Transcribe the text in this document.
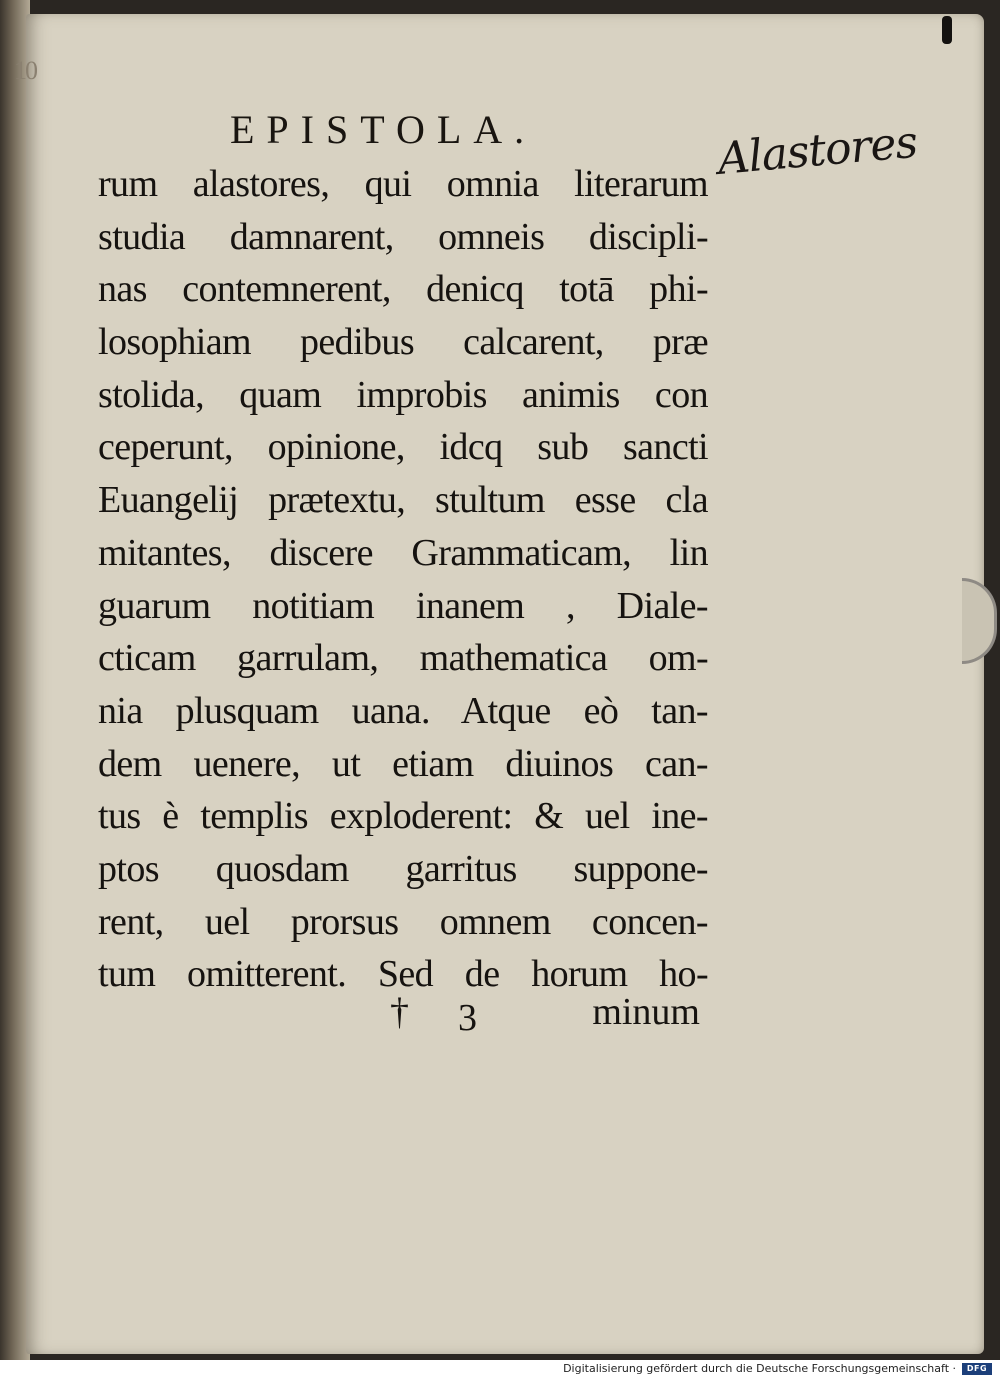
10
EPISTOLA.	Alastores
rum alastores, qui omnia literarum
studia damnarent, omneis discipli-
nas contemnerent, denicq totā phi-
losophiam pedibus calcarent, præ
stolida, quam improbis animis con
ceperunt, opinione, idcq sub sancti
Euangelij prætextu, stultum esse cla
mitantes, discere Grammaticam, lin
guarum notitiam inanem , Diale-
cticam garrulam, mathematica om-
nia plusquam uana. Atque eò tan-
dem uenere, ut etiam diuinos can-
tus è templis exploderent: & uel ine-
ptos quosdam garritus suppone-
rent, uel prorsus omnem concen-
tum omitterent. Sed de horum ho-
† 3	minum
Digitalisierung gefördert durch die Deutsche Forschungsgemeinschaft ·	DFG
